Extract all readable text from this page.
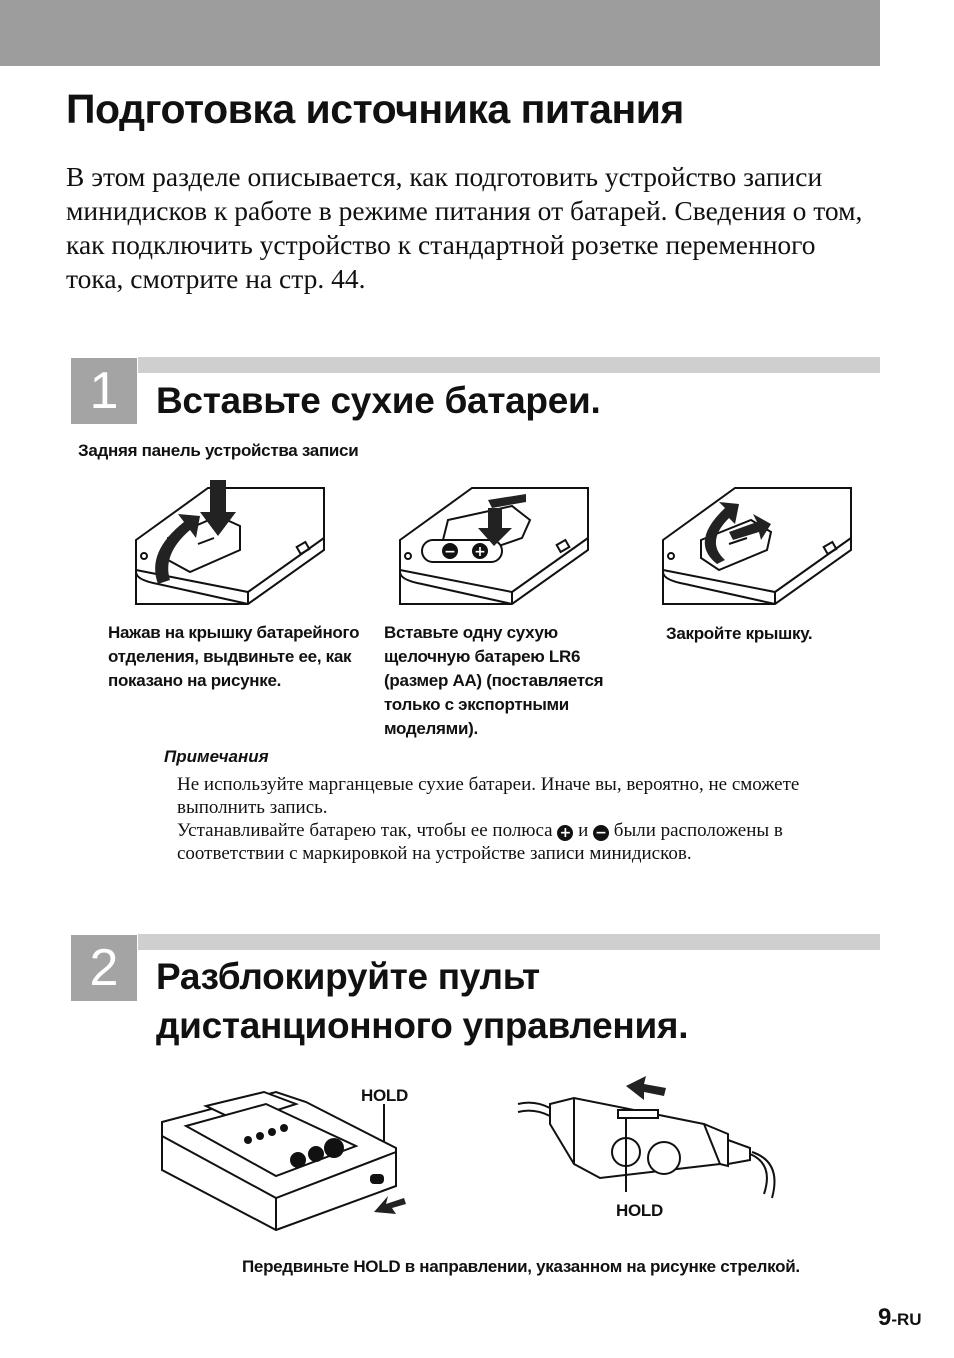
Подготовка источника питания

В этом разделе описывается, как подготовить устройство записи минидисков к работе в режиме питания от батарей. Сведения о том, как подключить устройство к стандартной розетке переменного тока, смотрите на стр. 44.

1	Вставьте сухие батареи.

Задняя панель устройства записи

− +

Нажав на крышку батарейного отделения, выдвиньте ее, как показано на рисунке.

Вставьте одну сухую щелочную батарею LR6 (размер АА) (поставляется только с экспортными моделями).

Закройте крышку.

Примечания

Не используйте марганцевые сухие батареи. Иначе вы, вероятно, не сможете выполнить запись.
Устанавливайте батарею так, чтобы ее полюса + и − были расположены в соответствии с маркировкой на устройстве записи минидисков.
2	Разблокируйте пульт
дистанционного управления.

HOLD

HOLD

Передвиньте HOLD в направлении, указанном на рисунке стрелкой.

9-RU
